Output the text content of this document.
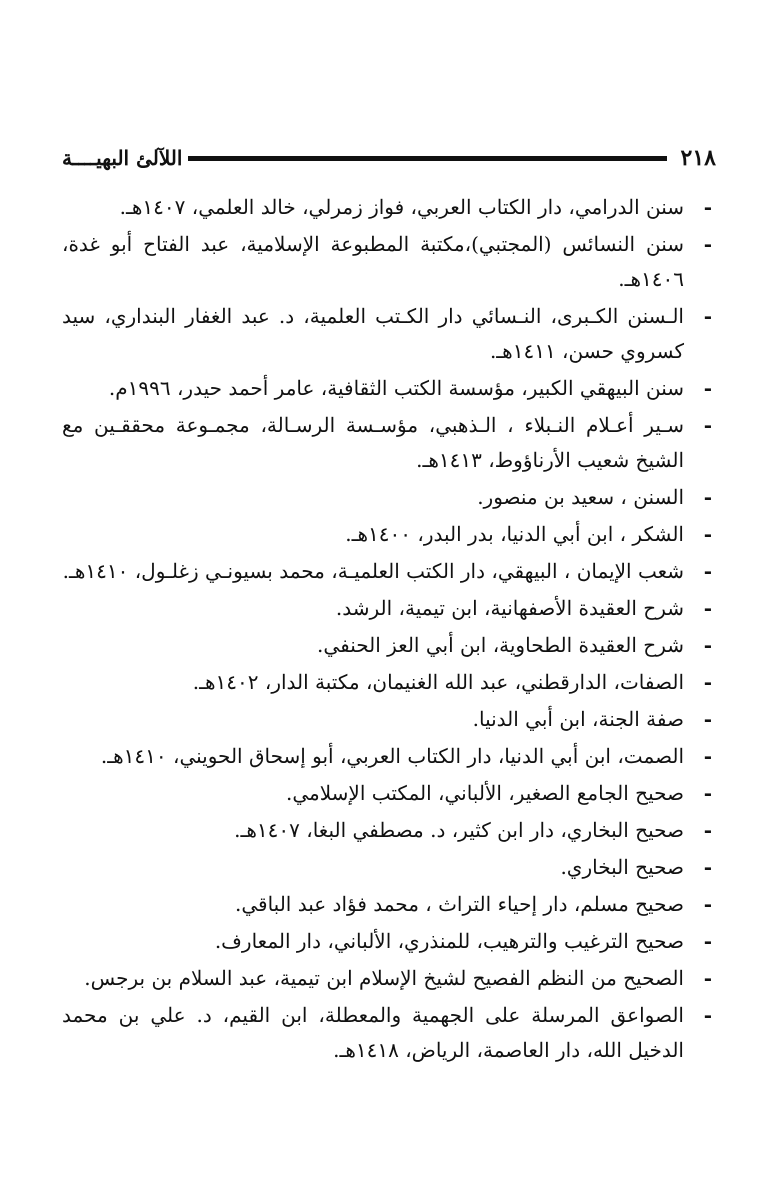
٢١٨
اللآلئ البهيــــة
-
سنن الدرامي، دار الكتاب العربي، فواز زمرلي، خالد العلمي، ١٤٠٧هـ.
-
سنن النسائس (المجتبي)،مكتبة المطبوعة الإسلامية، عبد الفتاح أبو غدة، ١٤٠٦هـ.
-
الـسنن الكـبرى، النـسائي دار الكـتب العلمية، د. عبد الغفار البنداري، سيد كسروي حسن، ١٤١١هـ.
-
سنن البيهقي الكبير، مؤسسة الكتب الثقافية، عامر أحمد حيدر، ١٩٩٦م.
-
سـير أعـلام النـبلاء ، الـذهبي، مؤسـسة الرسـالة، مجمـوعة محققـين مع الشيخ شعيب الأرناؤوط، ١٤١٣هـ.
-
السنن ، سعيد بن منصور.
-
الشكر ، ابن أبي الدنيا، بدر البدر، ١٤٠٠هـ.
-
شعب الإيمان ، البيهقي، دار الكتب العلميـة، محمد بسيونـي زغلـول، ١٤١٠هـ.
-
شرح العقيدة الأصفهانية، ابن تيمية، الرشد.
-
شرح العقيدة الطحاوية، ابن أبي العز الحنفي.
-
الصفات، الدارقطني، عبد الله الغنيمان، مكتبة الدار، ١٤٠٢هـ.
-
صفة الجنة، ابن أبي الدنيا.
-
الصمت، ابن أبي الدنيا، دار الكتاب العربي، أبو إسحاق الحويني، ١٤١٠هـ.
-
صحيح الجامع الصغير، الألباني، المكتب الإسلامي.
-
صحيح البخاري، دار ابن كثير، د. مصطفي البغا، ١٤٠٧هـ.
-
صحيح البخاري.
-
صحيح مسلم، دار إحياء التراث ، محمد فؤاد عبد الباقي.
-
صحيح الترغيب والترهيب، للمنذري، الألباني، دار المعارف.
-
الصحيح من النظم الفصيح لشيخ الإسلام ابن تيمية، عبد السلام بن برجس.
-
الصواعق المرسلة على الجهمية والمعطلة، ابن القيم، د. علي بن محمد الدخيل الله، دار العاصمة، الرياض، ١٤١٨هـ.
